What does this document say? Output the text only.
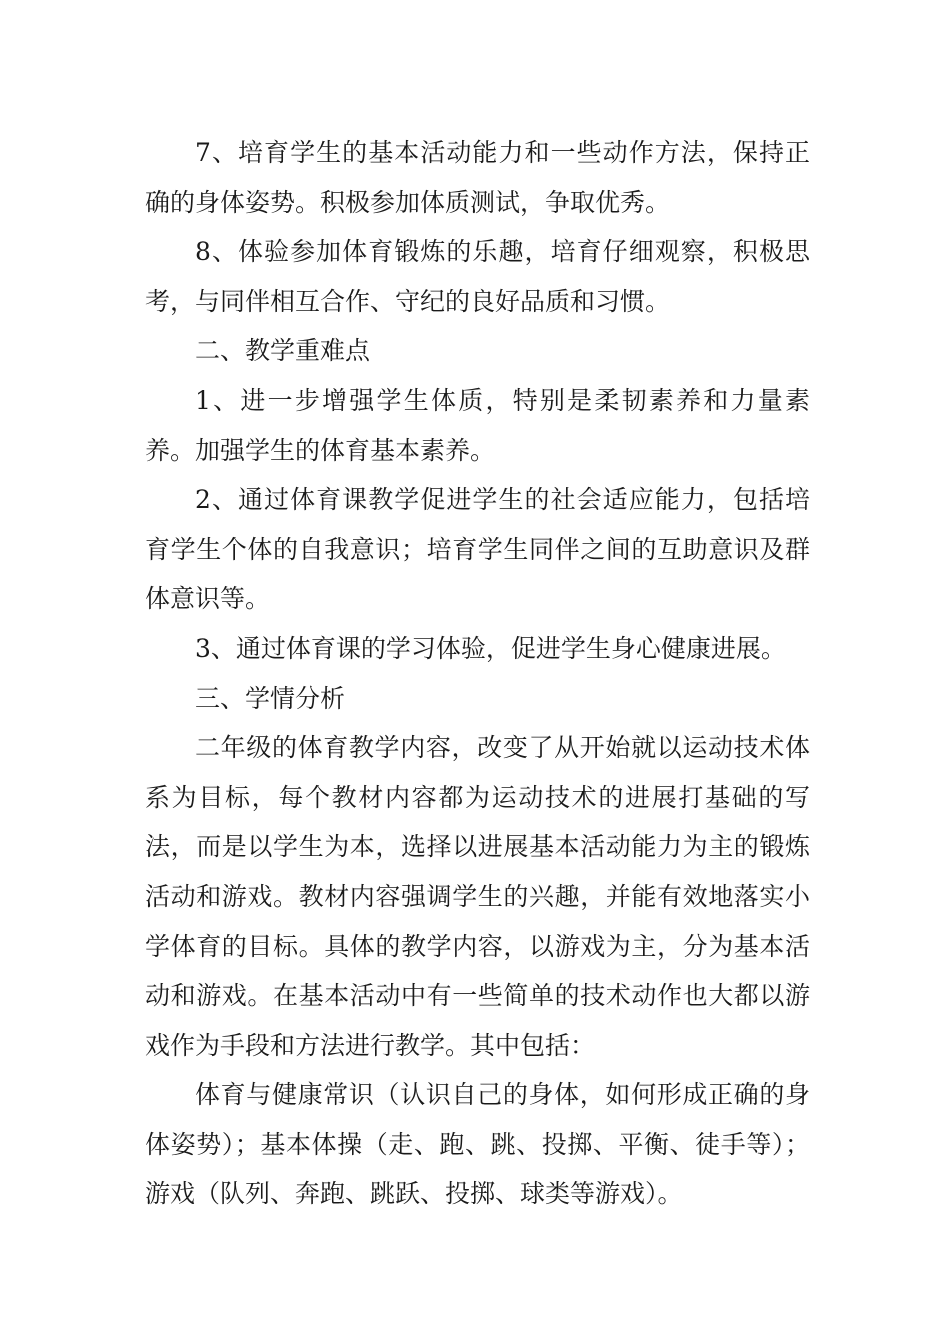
7、培育学生的基本活动能力和一些动作方法，保持正确的身体姿势。积极参加体质测试，争取优秀。

8、体验参加体育锻炼的乐趣，培育仔细观察，积极思考，与同伴相互合作、守纪的良好品质和习惯。

二、教学重难点

1、进一步增强学生体质，特别是柔韧素养和力量素养。加强学生的体育基本素养。

2、通过体育课教学促进学生的社会适应能力，包括培育学生个体的自我意识；培育学生同伴之间的互助意识及群体意识等。

3、通过体育课的学习体验，促进学生身心健康进展。

三、学情分析

二年级的体育教学内容，改变了从开始就以运动技术体系为目标，每个教材内容都为运动技术的进展打基础的写法，而是以学生为本，选择以进展基本活动能力为主的锻炼活动和游戏。教材内容强调学生的兴趣，并能有效地落实小学体育的目标。具体的教学内容，以游戏为主，分为基本活动和游戏。在基本活动中有一些简单的技术动作也大都以游戏作为手段和方法进行教学。其中包括：

体育与健康常识（认识自己的身体，如何形成正确的身体姿势）；基本体操（走、跑、跳、投掷、平衡、徒手等）；游戏（队列、奔跑、跳跃、投掷、球类等游戏）。
